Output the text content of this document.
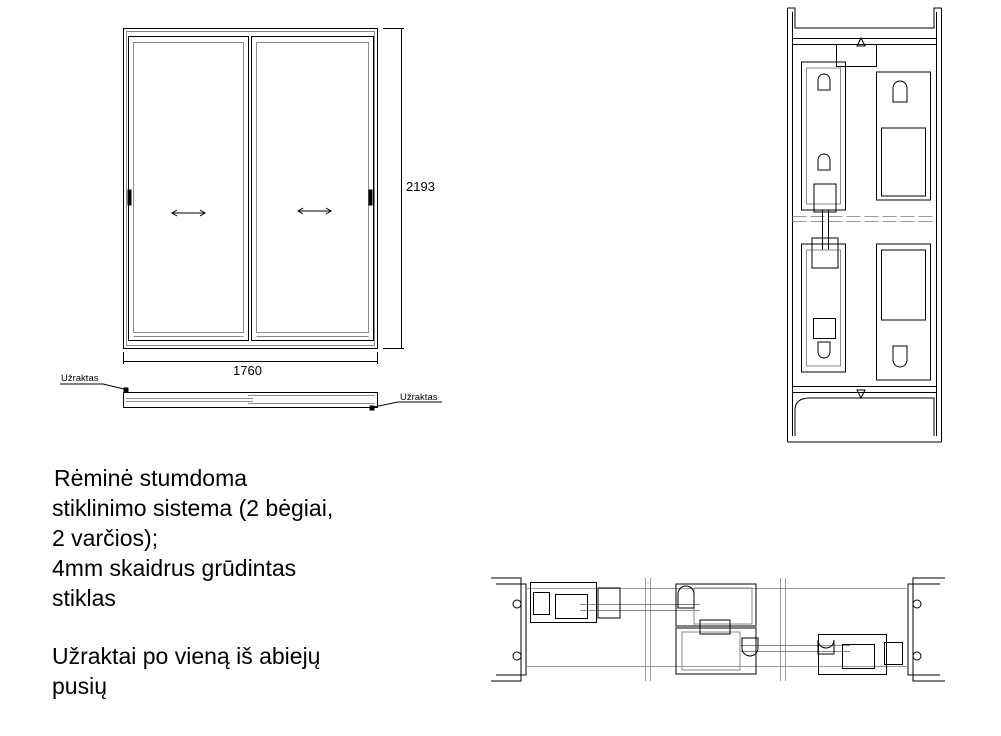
2193
1760
Užraktas
Užraktas
Rėminė stumdoma
stiklinimo sistema (2 bėgiai,
2 varčios);
4mm skaidrus grūdintas
stiklas
Užraktai po vieną iš abiejų
pusių
